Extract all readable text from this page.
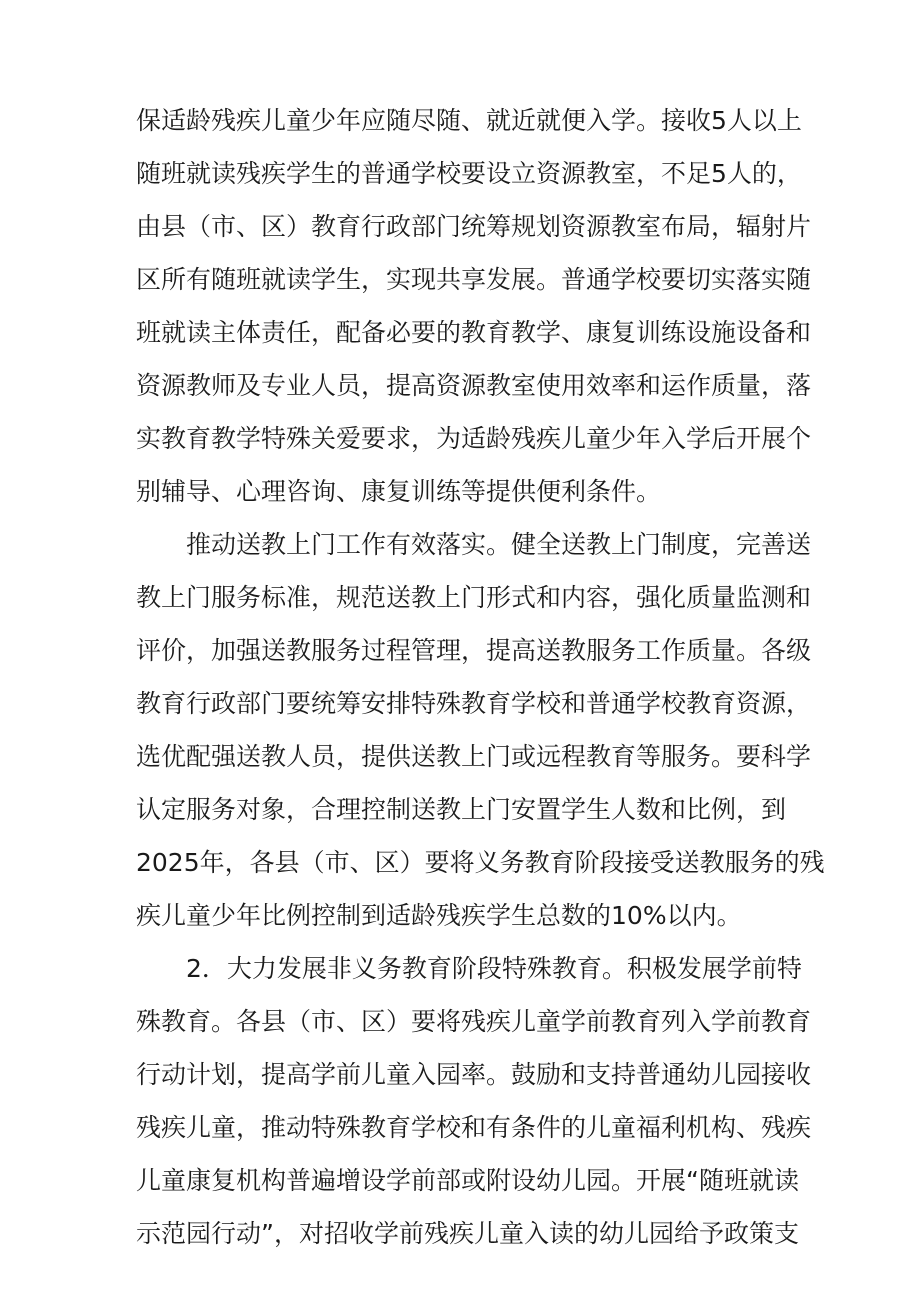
保适龄残疾儿童少年应随尽随、就近就便入学。接收5人以上
随班就读残疾学生的普通学校要设立资源教室，不足5人的，
由县（市、区）教育行政部门统筹规划资源教室布局，辐射片
区所有随班就读学生，实现共享发展。普通学校要切实落实随
班就读主体责任，配备必要的教育教学、康复训练设施设备和
资源教师及专业人员，提高资源教室使用效率和运作质量，落
实教育教学特殊关爱要求，为适龄残疾儿童少年入学后开展个
别辅导、心理咨询、康复训练等提供便利条件。
推动送教上门工作有效落实。健全送教上门制度，完善送
教上门服务标准，规范送教上门形式和内容，强化质量监测和
评价，加强送教服务过程管理，提高送教服务工作质量。各级
教育行政部门要统筹安排特殊教育学校和普通学校教育资源，
选优配强送教人员，提供送教上门或远程教育等服务。要科学
认定服务对象，合理控制送教上门安置学生人数和比例，到
2025年，各县（市、区）要将义务教育阶段接受送教服务的残
疾儿童少年比例控制到适龄残疾学生总数的10%以内。
2．大力发展非义务教育阶段特殊教育。积极发展学前特
殊教育。各县（市、区）要将残疾儿童学前教育列入学前教育
行动计划，提高学前儿童入园率。鼓励和支持普通幼儿园接收
残疾儿童，推动特殊教育学校和有条件的儿童福利机构、残疾
儿童康复机构普遍增设学前部或附设幼儿园。开展“随班就读
示范园行动”，对招收学前残疾儿童入读的幼儿园给予政策支
